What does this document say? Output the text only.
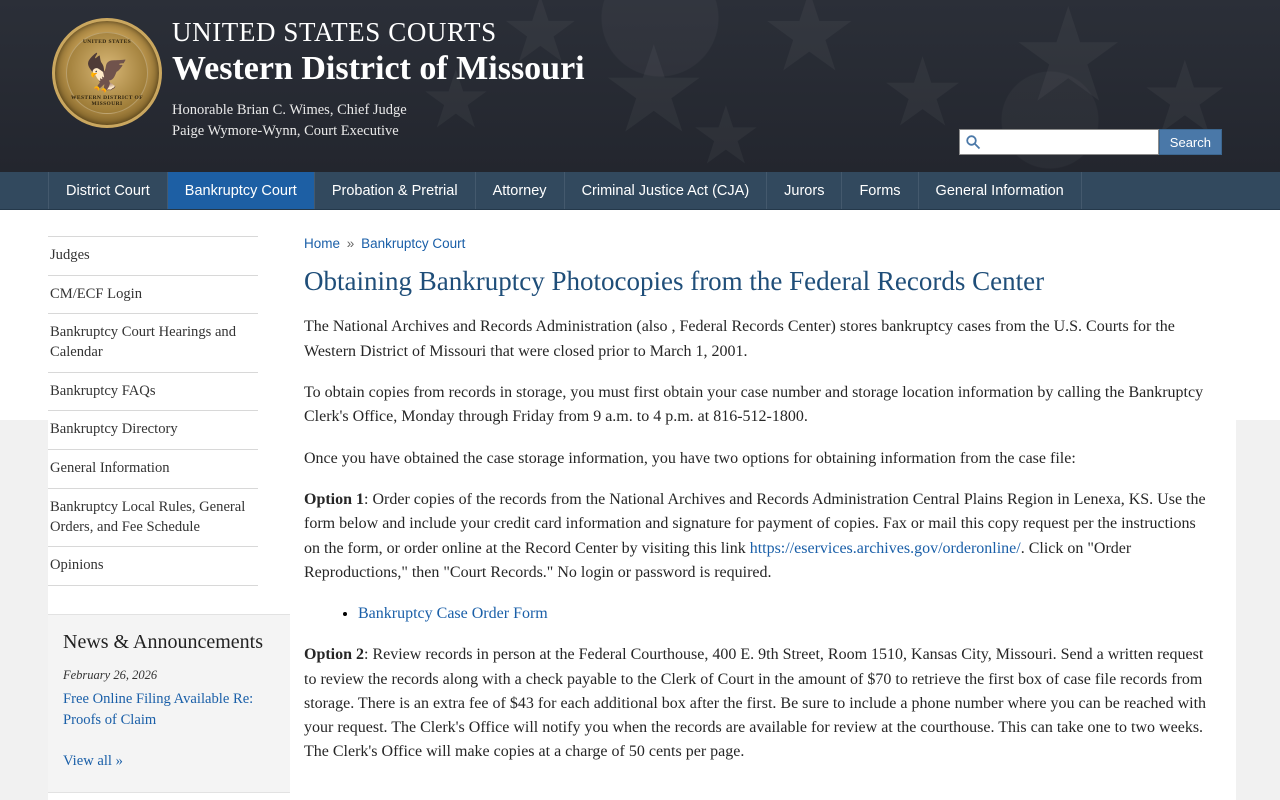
UNITED STATES
🦅
WESTERN DISTRICT OF MISSOURI
UNITED STATES COURTS
Western District of Missouri
Honorable Brian C. Wimes, Chief Judge
Paige Wymore-Wynn, Court Executive
Search
District Court	Bankruptcy Court	Probation & Pretrial	Attorney	Criminal Justice Act (CJA)	Jurors	Forms	General Information
Judges
CM/ECF Login
Bankruptcy Court Hearings and Calendar
Bankruptcy FAQs
Bankruptcy Directory
General Information
Bankruptcy Local Rules, General Orders, and Fee Schedule
Opinions
News & Announcements
February 26, 2026
Free Online Filing Available Re: Proofs of Claim
View all »
Home » Bankruptcy Court
Obtaining Bankruptcy Photocopies from the Federal Records Center

The National Archives and Records Administration (also , Federal Records Center) stores bankruptcy cases from the U.S. Courts for the Western District of Missouri that were closed prior to March 1, 2001.

To obtain copies from records in storage, you must first obtain your case number and storage location information by calling the Bankruptcy Clerk's Office, Monday through Friday from 9 a.m. to 4 p.m. at 816-512-1800.

Once you have obtained the case storage information, you have two options for obtaining information from the case file:

Option 1: Order copies of the records from the National Archives and Records Administration Central Plains Region in Lenexa, KS. Use the form below and include your credit card information and signature for payment of copies. Fax or mail this copy request per the instructions on the form, or order online at the Record Center by visiting this link https://eservices.archives.gov/orderonline/. Click on "Order Reproductions," then "Court Records." No login or password is required.

• Bankruptcy Case Order Form

Option 2: Review records in person at the Federal Courthouse, 400 E. 9th Street, Room 1510, Kansas City, Missouri. Send a written request to review the records along with a check payable to the Clerk of Court in the amount of $70 to retrieve the first box of case file records from storage. There is an extra fee of $43 for each additional box after the first. Be sure to include a phone number where you can be reached with your request. The Clerk's Office will notify you when the records are available for review at the courthouse. This can take one to two weeks. The Clerk's Office will make copies at a charge of 50 cents per page.
